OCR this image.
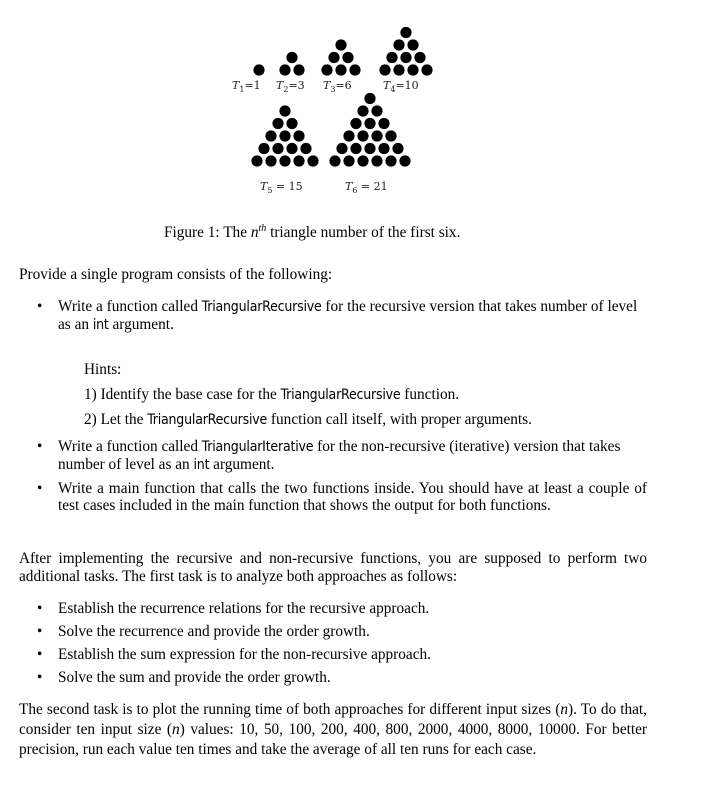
$T_1=1$ $T_2=3$ $T_3=6$	$T_4=10$
$T_5 = 15$	$T_6 = 21$
Figure 1: The $n^{th}$ triangle number of the first six.
Provide a single program consists of the following:
• Write a function called TriangularRecursive for the recursive version that takes number of level as an int argument.
Hints:
1) Identify the base case for the TriangularRecursive function.
2) Let the TriangularRecursive function call itself, with proper arguments.
• Write a function called TriangularIterative for the non-recursive (iterative) version that takes number of level as an int argument.
• Write a main function that calls the two functions inside. You should have at least a couple of test cases included in the main function that shows the output for both functions.
After implementing the recursive and non-recursive functions, you are supposed to perform two additional tasks. The first task is to analyze both approaches as follows:
• Establish the recurrence relations for the recursive approach.
• Solve the recurrence and provide the order growth.
• Establish the sum expression for the non-recursive approach.
• Solve the sum and provide the order growth.
The second task is to plot the running time of both approaches for different input sizes (n). To do that, consider ten input size (n) values: 10, 50, 100, 200, 400, 800, 2000, 4000, 8000, 10000. For better precision, run each value ten times and take the average of all ten runs for each case.
